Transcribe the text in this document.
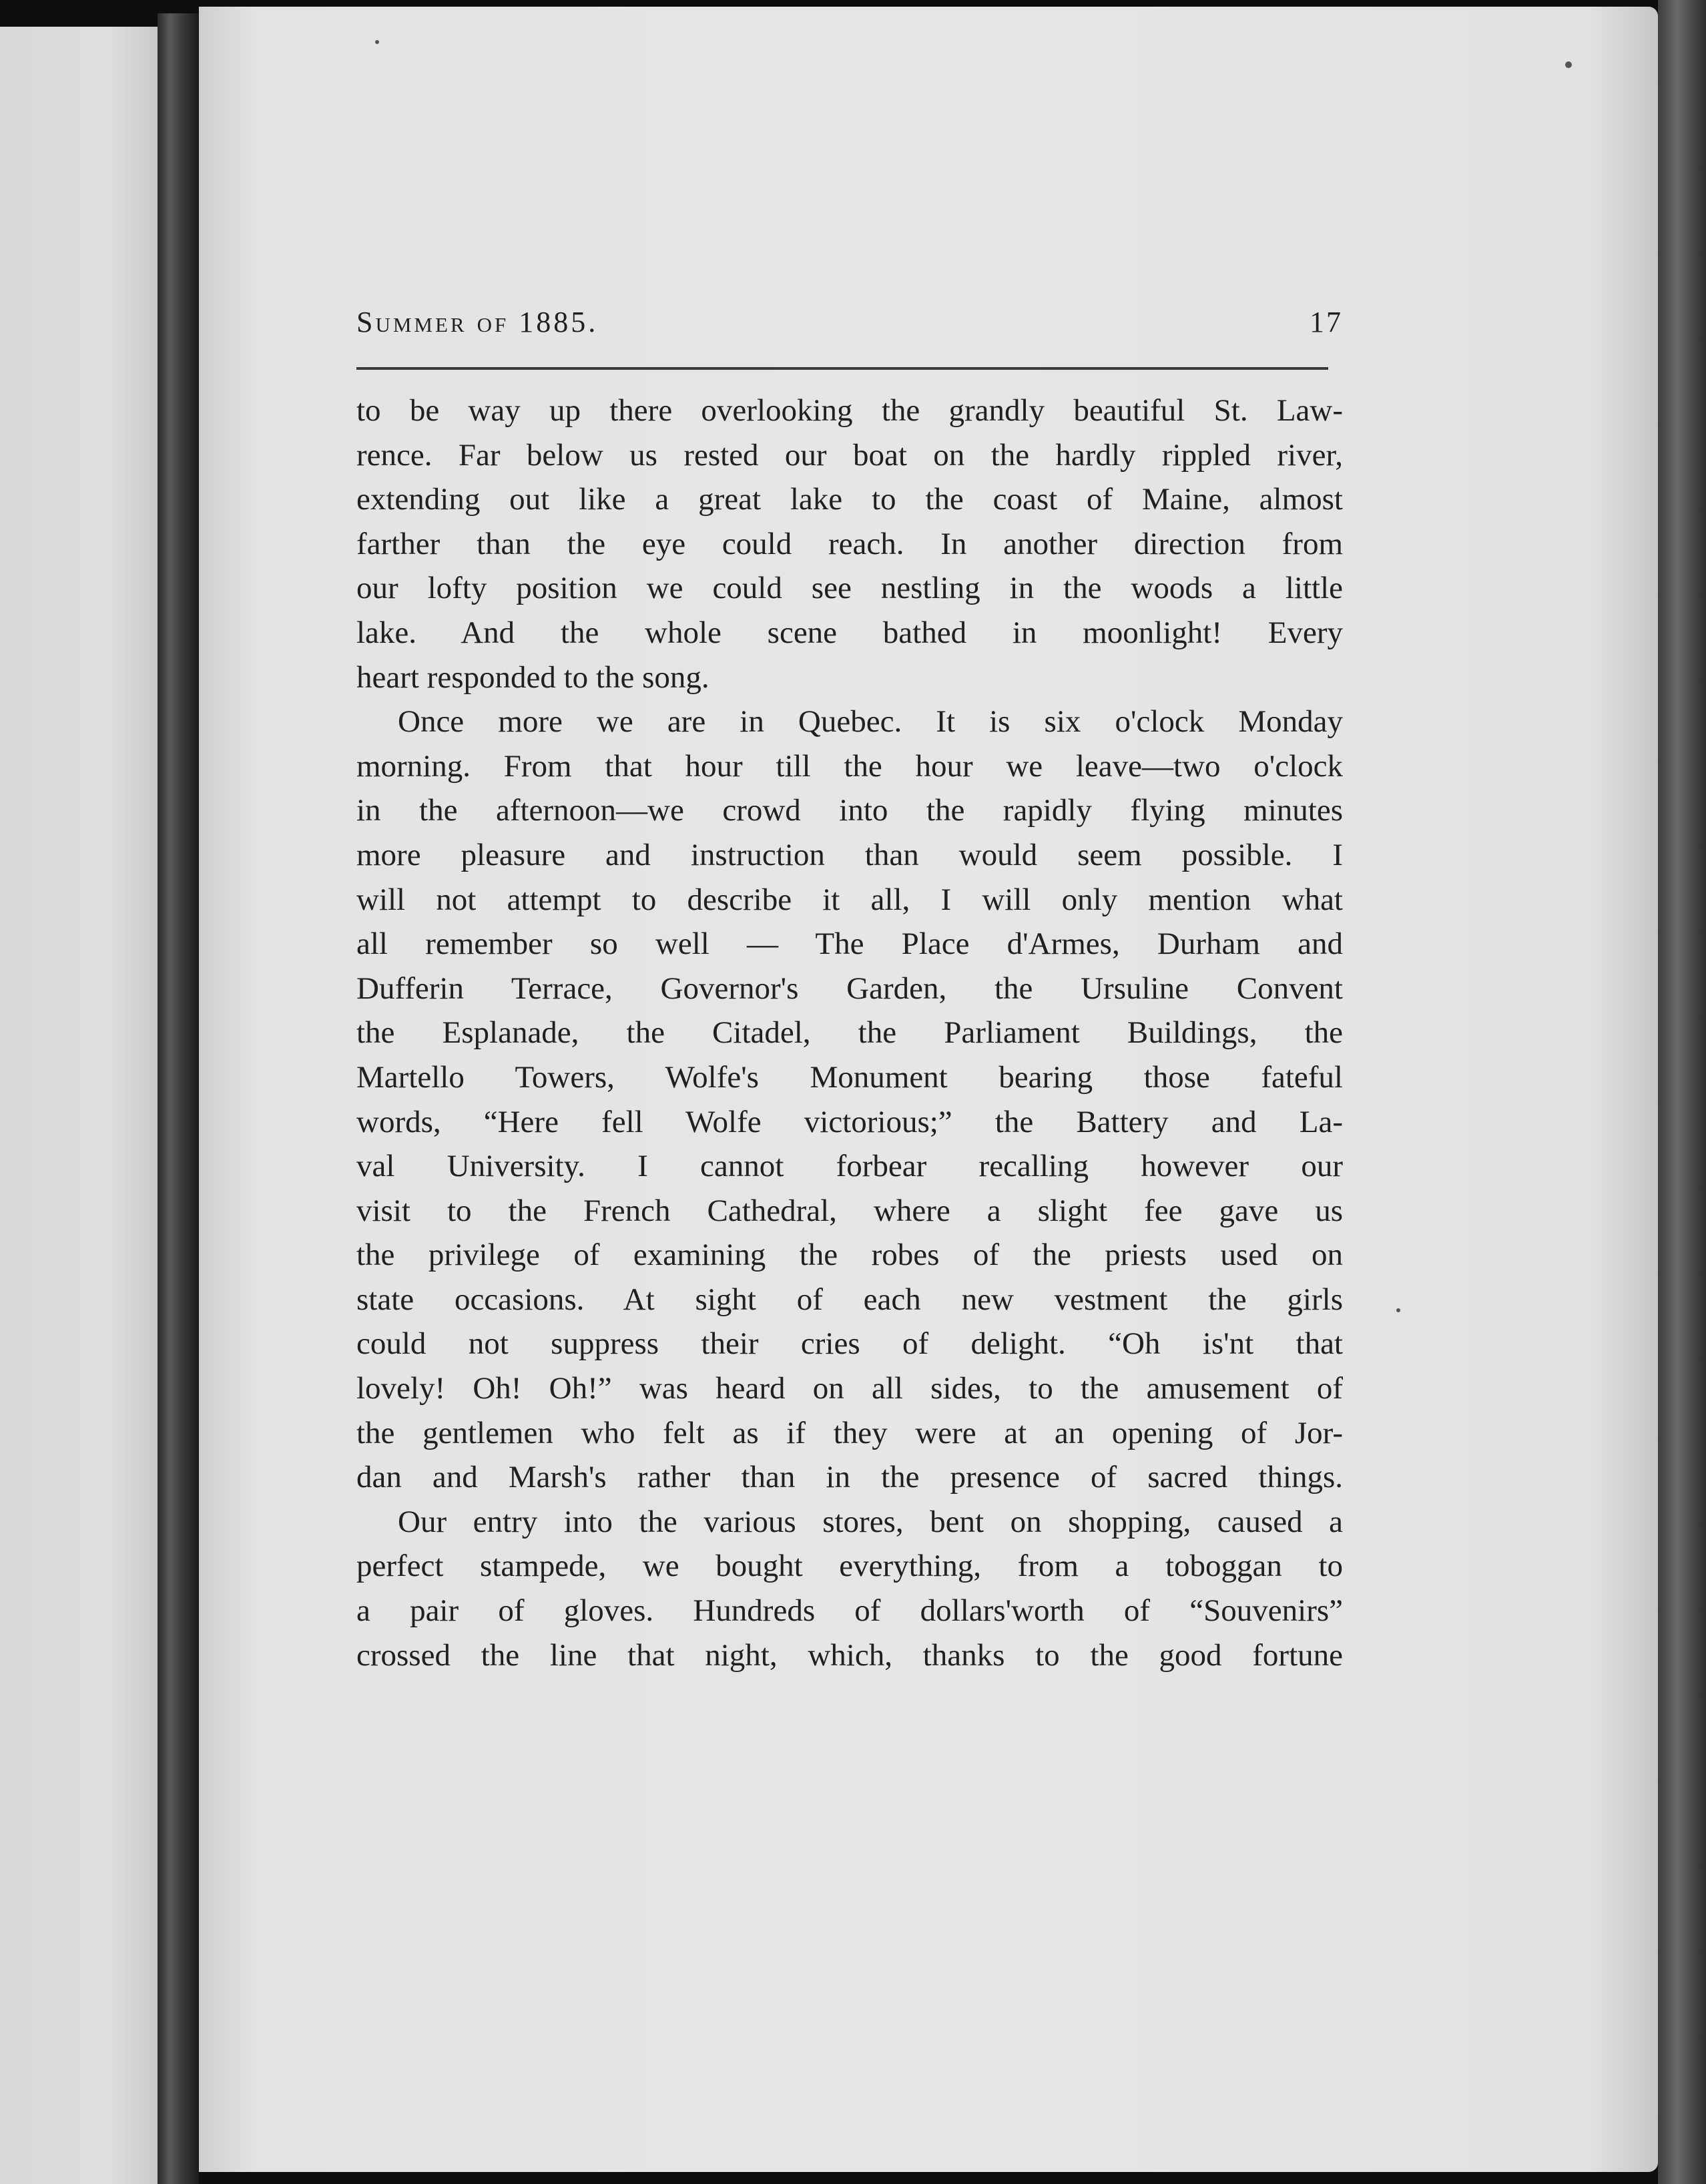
Summer of 1885.	17
to be way up there overlooking the grandly beautiful St. Law-
rence. Far below us rested our boat on the hardly rippled river,
extending out like a great lake to the coast of Maine, almost
farther than the eye could reach. In another direction from
our lofty position we could see nestling in the woods a little
lake. And the whole scene bathed in moonlight! Every
heart responded to the song.
Once more we are in Quebec. It is six o'clock Monday
morning. From that hour till the hour we leave—two o'clock
in the afternoon—we crowd into the rapidly flying minutes
more pleasure and instruction than would seem possible. I
will not attempt to describe it all, I will only mention what
all remember so well — The Place d'Armes, Durham and
Dufferin Terrace, Governor's Garden, the Ursuline Convent
the Esplanade, the Citadel, the Parliament Buildings, the
Martello Towers, Wolfe's Monument bearing those fateful
words, “Here fell Wolfe victorious;” the Battery and La-
val University. I cannot forbear recalling however our
visit to the French Cathedral, where a slight fee gave us
the privilege of examining the robes of the priests used on
state occasions. At sight of each new vestment the girls
could not suppress their cries of delight. “Oh is'nt that
lovely! Oh! Oh!” was heard on all sides, to the amusement of
the gentlemen who felt as if they were at an opening of Jor-
dan and Marsh's rather than in the presence of sacred things.
Our entry into the various stores, bent on shopping, caused a
perfect stampede, we bought everything, from a toboggan to
a pair of gloves. Hundreds of dollars'worth of “Souvenirs”
crossed the line that night, which, thanks to the good fortune
